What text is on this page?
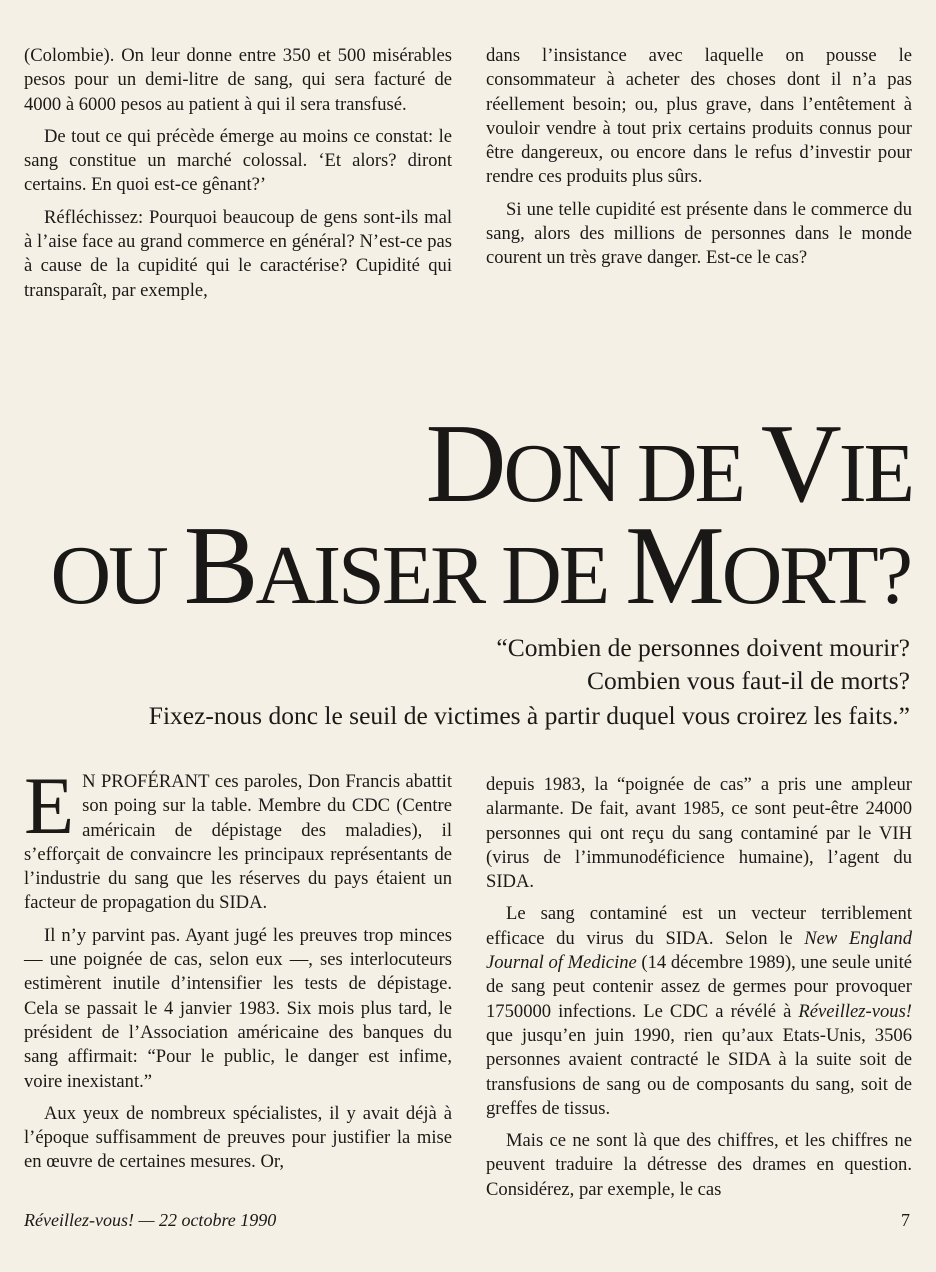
(Colombie). On leur donne entre 350 et 500 misérables pesos pour un demi-litre de sang, qui sera facturé de 4000 à 6000 pesos au patient à qui il sera transfusé.

De tout ce qui précède émerge au moins ce constat: le sang constitue un marché colossal. ‘Et alors? diront certains. En quoi est-ce gênant?’

Réfléchissez: Pourquoi beaucoup de gens sont-ils mal à l’aise face au grand commerce en général? N’est-ce pas à cause de la cupidité qui le caractérise? Cupidité qui transparaît, par exemple,

dans l’insistance avec laquelle on pousse le consommateur à acheter des choses dont il n’a pas réellement besoin; ou, plus grave, dans l’entêtement à vouloir vendre à tout prix certains produits connus pour être dangereux, ou encore dans le refus d’investir pour rendre ces produits plus sûrs.

Si une telle cupidité est présente dans le commerce du sang, alors des millions de personnes dans le monde courent un très grave danger. Est-ce le cas?

DON DE VIE
OU BAISER DE MORT?
“Combien de personnes doivent mourir?
Combien vous faut-il de morts?
Fixez-nous donc le seuil de victimes à partir duquel vous croirez les faits.”

E N PROFÉRANT ces paroles, Don Francis abattit son poing sur la table. Membre du CDC (Centre américain de dépistage des maladies), il s’efforçait de convaincre les principaux représentants de l’industrie du sang que les réserves du pays étaient un facteur de propagation du SIDA.

Il n’y parvint pas. Ayant jugé les preuves trop minces — une poignée de cas, selon eux —, ses interlocuteurs estimèrent inutile d’intensifier les tests de dépistage. Cela se passait le 4 janvier 1983. Six mois plus tard, le président de l’Association américaine des banques du sang affirmait: “Pour le public, le danger est infime, voire inexistant.”

Aux yeux de nombreux spécialistes, il y avait déjà à l’époque suffisamment de preuves pour justifier la mise en œuvre de certaines mesures. Or,

depuis 1983, la “poignée de cas” a pris une ampleur alarmante. De fait, avant 1985, ce sont peut-être 24000 personnes qui ont reçu du sang contaminé par le VIH (virus de l’immunodéficience humaine), l’agent du SIDA.

Le sang contaminé est un vecteur terriblement efficace du virus du SIDA. Selon le New England Journal of Medicine (14 décembre 1989), une seule unité de sang peut contenir assez de germes pour provoquer 1750000 infections. Le CDC a révélé à Réveillez-vous! que jusqu’en juin 1990, rien qu’aux Etats-Unis, 3506 personnes avaient contracté le SIDA à la suite soit de transfusions de sang ou de composants du sang, soit de greffes de tissus.

Mais ce ne sont là que des chiffres, et les chiffres ne peuvent traduire la détresse des drames en question. Considérez, par exemple, le cas

Réveillez-vous! — 22 octobre 1990	7
